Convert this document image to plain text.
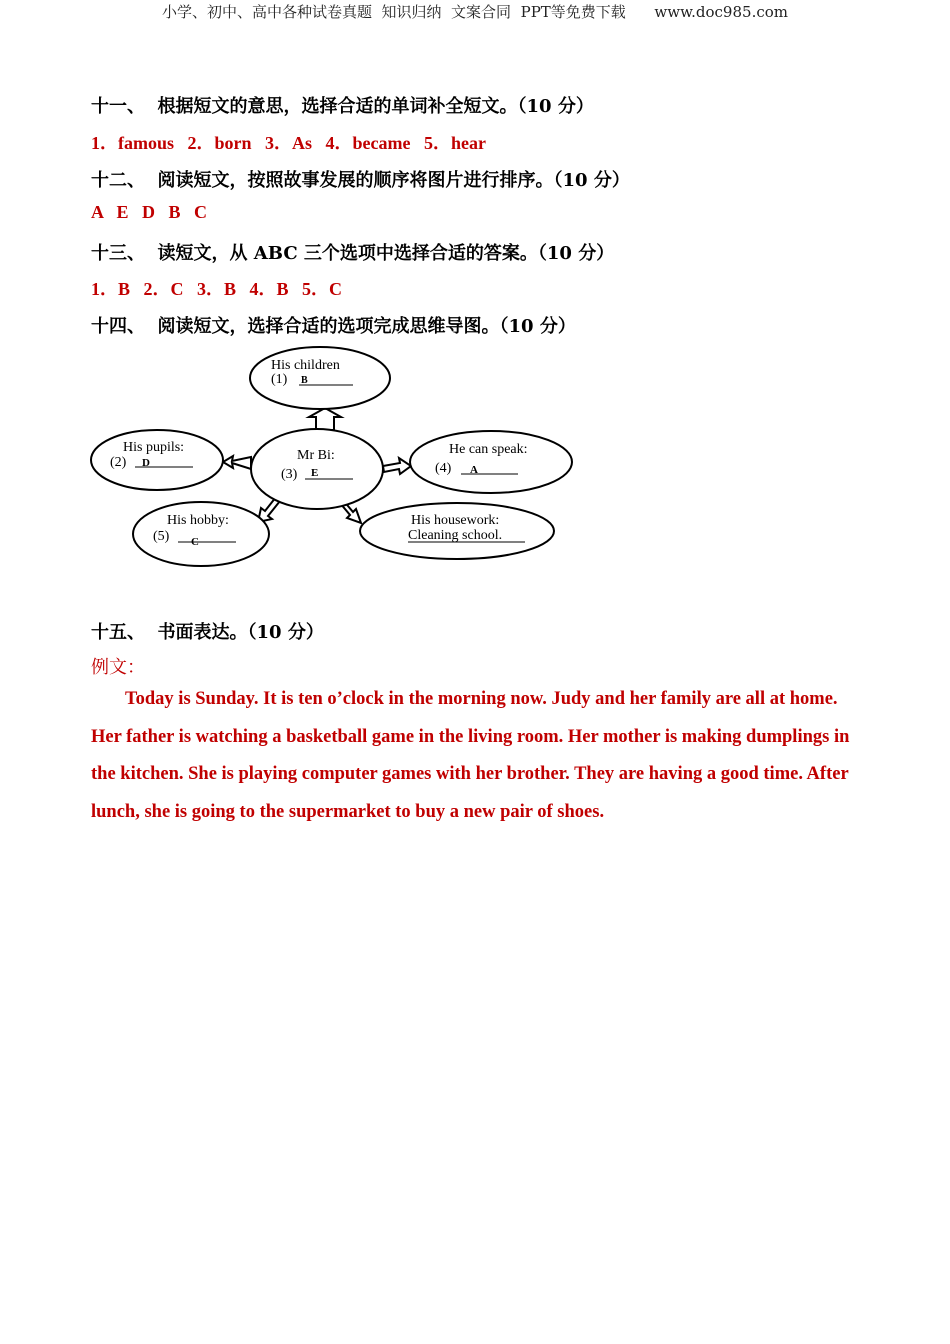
小学、初中、高中各种试卷真题  知识归纳  文案合同  PPT等免费下载      www.doc985.com
十一、  根据短文的意思，选择合适的单词补全短文。（10 分）
1．famous   2．born   3．As   4．became   5．hear
十二、  阅读短文，按照故事发展的顺序将图片进行排序。（10 分）
A   E   D   B   C
十三、  读短文，从 ABC 三个选项中选择合适的答案。（10 分）
1．B   2．C   3．B   4．B   5．C
十四、  阅读短文，选择合适的选项完成思维导图。（10 分）
Mr Bi:
(3) E
His children
(1) B
His pupils:
(2) D
He can speak:
(4) A
His hobby:
(5) C
His housework:
Cleaning school.
十五、  书面表达。（10 分）
例文：

Today is Sunday. It is ten o’clock in the morning now. Judy and her family are all at home. Her father is watching a basketball game in the living room. Her mother is making dumplings in the kitchen. She is playing computer games with her brother. They are having a good time. After lunch, she is going to the supermarket to buy a new pair of shoes.
